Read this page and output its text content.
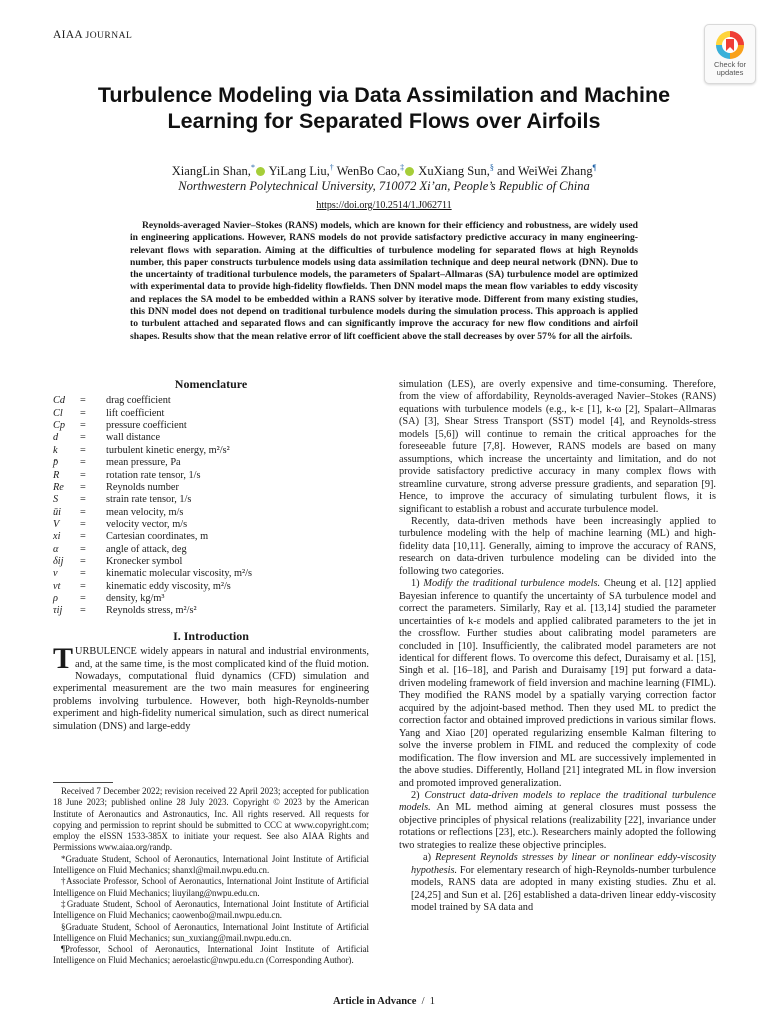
AIAA JOURNAL
Check for
updates
Turbulence Modeling via Data Assimilation and Machine Learning for Separated Flows over Airfoils
XiangLin Shan,* YiLang Liu,† WenBo Cao,‡ XuXiang Sun,§ and WeiWei Zhang¶
Northwestern Polytechnical University, 710072 Xi’an, People’s Republic of China
https://doi.org/10.2514/1.J062711
Reynolds-averaged Navier–Stokes (RANS) models, which are known for their efficiency and robustness, are widely used in engineering applications. However, RANS models do not provide satisfactory predictive accuracy in many engineering-relevant flows with separation. Aiming at the difficulties of turbulence modeling for separated flows at high Reynolds number, this paper constructs turbulence models using data assimilation technique and deep neural network (DNN). Due to the uncertainty of traditional turbulence models, the parameters of Spalart–Allmaras (SA) turbulence model are optimized with experimental data to provide high-fidelity flowfields. Then DNN model maps the mean flow variables to eddy viscosity and replaces the SA model to be embedded within a RANS solver by iterative mode. Different from many existing studies, this DNN model does not depend on traditional turbulence models during the simulation process. This approach is applied to turbulent attached and separated flows and can significantly improve the accuracy for new flow conditions and airfoil shapes. Results show that the mean relative error of lift coefficient above the stall decreases by over 57% for all the airfoils.
Nomenclature
Cd	=	drag coefficient
Cl	=	lift coefficient
Cp	=	pressure coefficient
d	=	wall distance
k	=	turbulent kinetic energy, m²/s²
p̄	=	mean pressure, Pa
R	=	rotation rate tensor, 1/s
Re	=	Reynolds number
S	=	strain rate tensor, 1/s
ūi	=	mean velocity, m/s
V	=	velocity vector, m/s
xi	=	Cartesian coordinates, m
α	=	angle of attack, deg
δij	=	Kronecker symbol
ν	=	kinematic molecular viscosity, m²/s
νt	=	kinematic eddy viscosity, m²/s
ρ	=	density, kg/m³
τij	=	Reynolds stress, m²/s²
I. Introduction

TURBULENCE widely appears in natural and industrial environments, and, at the same time, is the most complicated kind of the fluid motion. Nowadays, computational fluid dynamics (CFD) simulation and experimental measurement are the two main measures for engineering problems involving turbulence. However, both high-Reynolds-number experiment and high-fidelity numerical simulation, such as direct numerical simulation (DNS) and large-eddy

Received 7 December 2022; revision received 22 April 2023; accepted for publication 18 June 2023; published online 28 July 2023. Copyright © 2023 by the American Institute of Aeronautics and Astronautics, Inc. All rights reserved. All requests for copying and permission to reprint should be submitted to CCC at www.copyright.com; employ the eISSN 1533-385X to initiate your request. See also AIAA Rights and Permissions www.aiaa.org/randp.

*Graduate Student, School of Aeronautics, International Joint Institute of Artificial Intelligence on Fluid Mechanics; shanxl@mail.nwpu.edu.cn.

†Associate Professor, School of Aeronautics, International Joint Institute of Artificial Intelligence on Fluid Mechanics; liuyilang@nwpu.edu.cn.

‡Graduate Student, School of Aeronautics, International Joint Institute of Artificial Intelligence on Fluid Mechanics; caowenbo@mail.nwpu.edu.cn.

§Graduate Student, School of Aeronautics, International Joint Institute of Artificial Intelligence on Fluid Mechanics; sun_xuxiang@mail.nwpu.edu.cn.

¶Professor, School of Aeronautics, International Joint Institute of Artificial Intelligence on Fluid Mechanics; aeroelastic@nwpu.edu.cn (Corresponding Author).

simulation (LES), are overly expensive and time-consuming. Therefore, from the view of affordability, Reynolds-averaged Navier–Stokes (RANS) equations with turbulence models (e.g., k-ε [1], k-ω [2], Spalart–Allmaras (SA) [3], Shear Stress Transport (SST) model [4], and Reynolds-stress models [5,6]) will continue to remain the critical approaches for the foreseeable future [7,8]. However, RANS models are based on many assumptions, which increase the uncertainty and limitation, and do not provide satisfactory predictive accuracy in many complex flows with streamline curvature, strong adverse pressure gradients, and separation [9]. Hence, to improve the accuracy of simulating turbulent flows, it is significant to establish a robust and accurate turbulence model.

Recently, data-driven methods have been increasingly applied to turbulence modeling with the help of machine learning (ML) and high-fidelity data [10,11]. Generally, aiming to improve the accuracy of RANS, research on data-driven turbulence modeling can be divided into the following two categories.

1) Modify the traditional turbulence models. Cheung et al. [12] applied Bayesian inference to quantify the uncertainty of SA turbulence model and correct the parameters. Similarly, Ray et al. [13,14] studied the parameter uncertainties of k-ε models and applied calibrated parameters to the jet in the crossflow. Further studies about calibrating model parameters are concluded in [10]. Insufficiently, the calibrated model parameters are not identical for different flows. To overcome this defect, Duraisamy et al. [15], Singh et al. [16–18], and Parish and Duraisamy [19] put forward a data-driven modeling framework of field inversion and machine learning (FIML). They modified the RANS model by a spatially varying correction factor acquired by the adjoint-based method. Then they used ML to predict the correction factor and obtained improved predictions in various similar flows. Yang and Xiao [20] operated regularizing ensemble Kalman filtering to solve the inverse problem in FIML and reduced the complexity of code modification. The flow inversion and ML are successively implemented in the above studies. Differently, Holland [21] integrated ML in flow inversion and promoted improved generalization.

2) Construct data-driven models to replace the traditional turbulence models. An ML method aiming at general closures must possess the objective principles of physical relations (realizability [22], invariance under rotations or reflections [23], etc.). Researchers mainly adopted the following two strategies to realize these objective principles.

a) Represent Reynolds stresses by linear or nonlinear eddy-viscosity hypothesis. For elementary research of high-Reynolds-number turbulence models, RANS data are adopted in many existing studies. Zhu et al. [24,25] and Sun et al. [26] established a data-driven linear eddy-viscosity model trained by SA data and

Article in Advance / 1
